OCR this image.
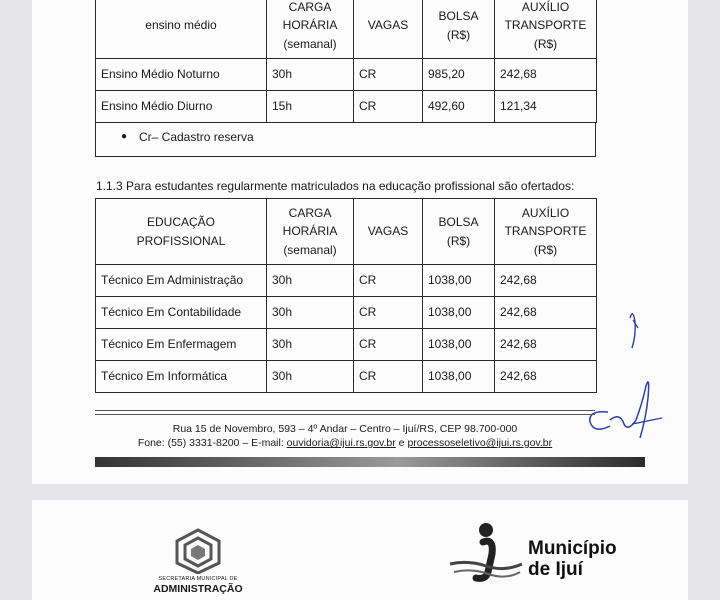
ensino médio	CARGA HORÁRIA (semanal)	VAGAS	BOLSA (R$)	AUXÍLIO TRANSPORTE (R$)
Ensino Médio Noturno	30h	CR	985,20	242,68
Ensino Médio Diurno	15h	CR	492,60	121,34
● Cr– Cadastro reserva
1.1.3 Para estudantes regularmente matriculados na educação profissional são ofertados:
EDUCAÇÃO PROFISSIONAL	CARGA HORÁRIA (semanal)	VAGAS	BOLSA (R$)	AUXÍLIO TRANSPORTE (R$)
Técnico Em Administração	30h	CR	1038,00	242,68
Técnico Em Contabilidade	30h	CR	1038,00	242,68
Técnico Em Enfermagem	30h	CR	1038,00	242,68
Técnico Em Informática	30h	CR	1038,00	242,68
Rua 15 de Novembro, 593 – 4º Andar – Centro – Ijuí/RS, CEP 98.700-000
Fone: (55) 3331-8200 – E-mail: ouvidoria@ijui.rs.gov.br e processoseletivo@ijui.rs.gov.br
SECRETARIA MUNICIPAL DE
ADMINISTRAÇÃO
Município
de Ijuí
